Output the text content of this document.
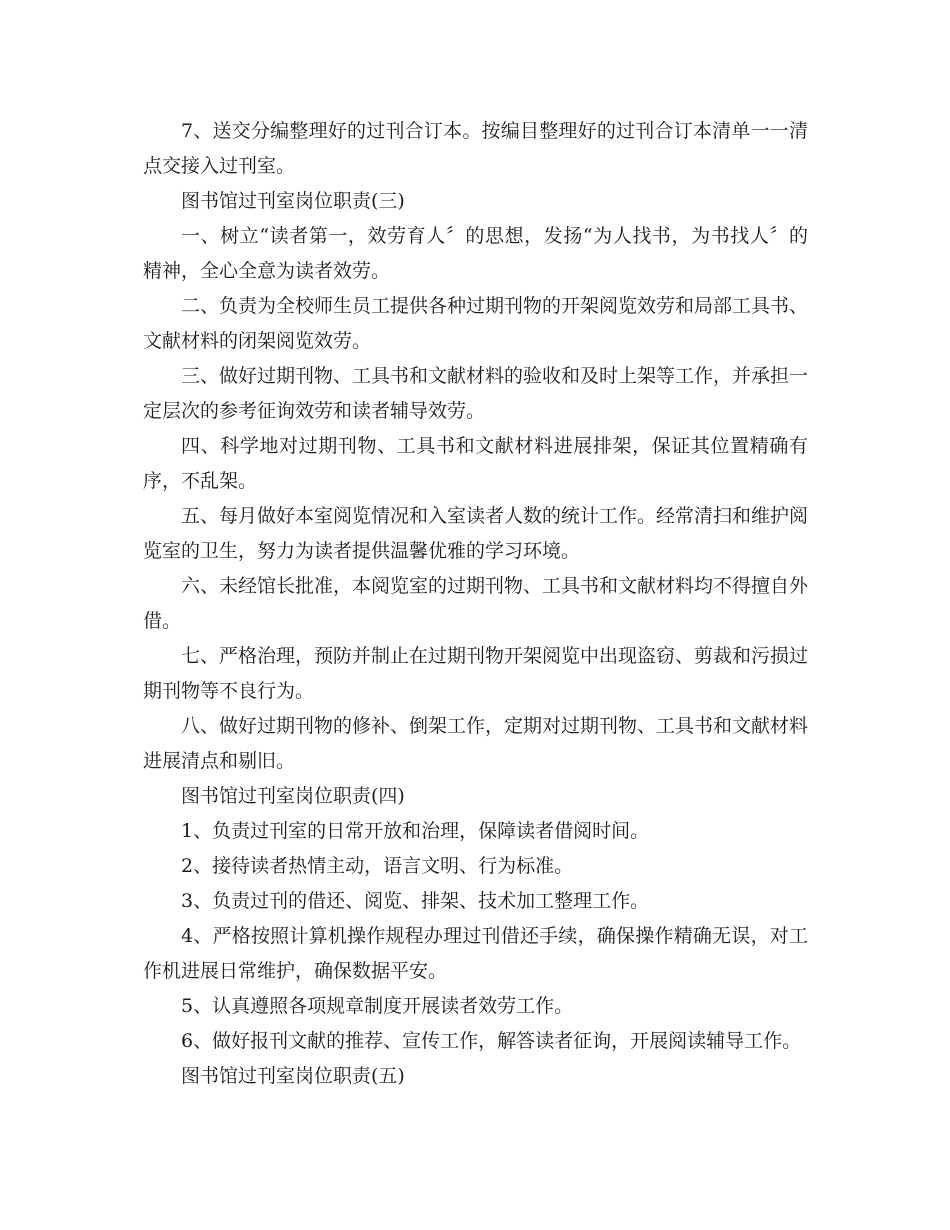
7、送交分编整理好的过刊合订本。按编目整理好的过刊合订本清单一一清点交接入过刊室。

图书馆过刊室岗位职责(三)

一、树立“读者第一，效劳育人〞的思想，发扬“为人找书，为书找人〞的精神，全心全意为读者效劳。

二、负责为全校师生员工提供各种过期刊物的开架阅览效劳和局部工具书、文献材料的闭架阅览效劳。

三、做好过期刊物、工具书和文献材料的验收和及时上架等工作，并承担一定层次的参考征询效劳和读者辅导效劳。

四、科学地对过期刊物、工具书和文献材料进展排架，保证其位置精确有序，不乱架。

五、每月做好本室阅览情况和入室读者人数的统计工作。经常清扫和维护阅览室的卫生，努力为读者提供温馨优雅的学习环境。

六、未经馆长批准，本阅览室的过期刊物、工具书和文献材料均不得擅自外借。

七、严格治理，预防并制止在过期刊物开架阅览中出现盗窃、剪裁和污损过期刊物等不良行为。

八、做好过期刊物的修补、倒架工作，定期对过期刊物、工具书和文献材料进展清点和剔旧。

图书馆过刊室岗位职责(四)

1、负责过刊室的日常开放和治理，保障读者借阅时间。

2、接待读者热情主动，语言文明、行为标准。

3、负责过刊的借还、阅览、排架、技术加工整理工作。

4、严格按照计算机操作规程办理过刊借还手续，确保操作精确无误，对工作机进展日常维护，确保数据平安。

5、认真遵照各项规章制度开展读者效劳工作。

6、做好报刊文献的推荐、宣传工作，解答读者征询，开展阅读辅导工作。

图书馆过刊室岗位职责(五)
